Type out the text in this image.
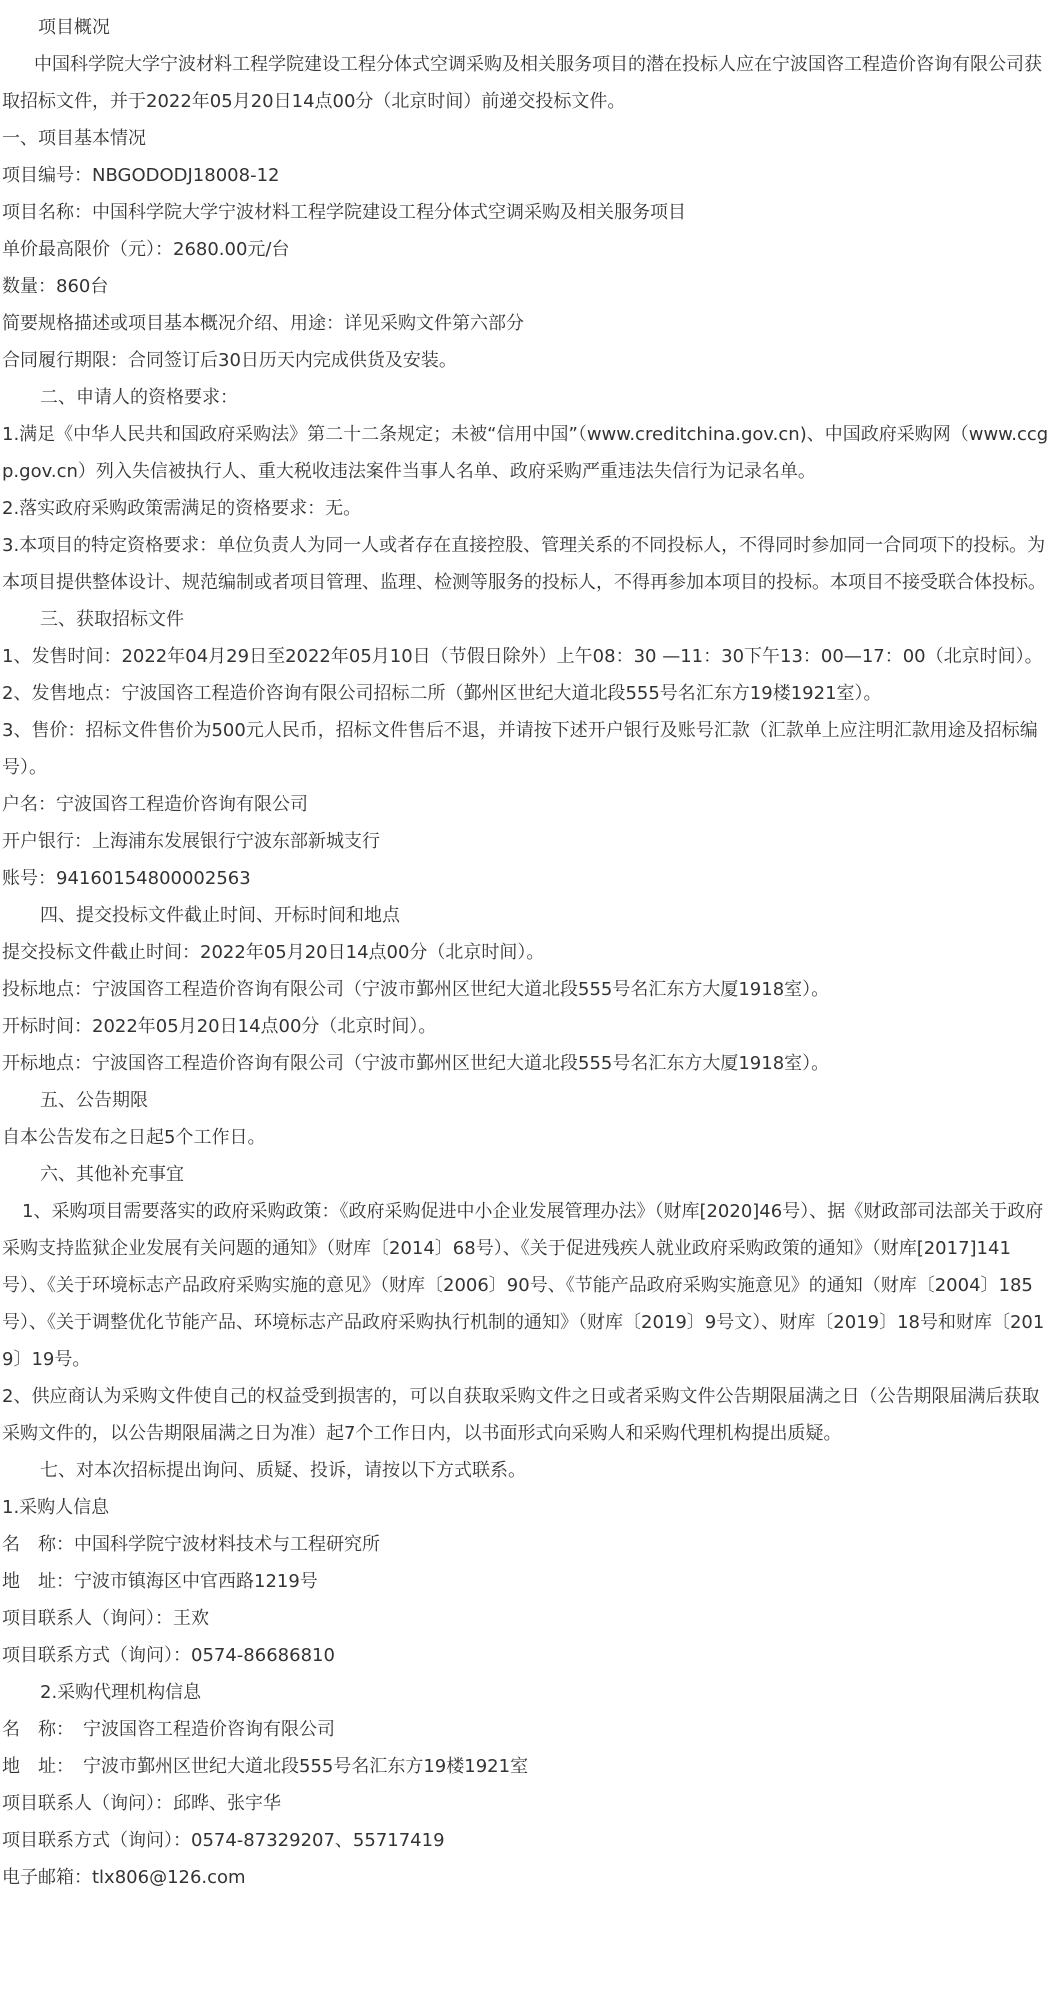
项目概况

中国科学院大学宁波材料工程学院建设工程分体式空调采购及相关服务项目的潜在投标人应在宁波国咨工程造价咨询有限公司获取招标文件，并于2022年05月20日14点00分（北京时间）前递交投标文件。

一、项目基本情况

项目编号：NBGODODJ18008-12

项目名称：中国科学院大学宁波材料工程学院建设工程分体式空调采购及相关服务项目

单价最高限价（元）：2680.00元/台

数量：860台

简要规格描述或项目基本概况介绍、用途：详见采购文件第六部分

合同履行期限：合同签订后30日历天内完成供货及安装。

二、申请人的资格要求：

1.满足《中华人民共和国政府采购法》第二十二条规定；未被“信用中国”（www.creditchina.gov.cn)、中国政府采购网（www.ccgp.gov.cn）列入失信被执行人、重大税收违法案件当事人名单、政府采购严重违法失信行为记录名单。

2.落实政府采购政策需满足的资格要求：无。

3.本项目的特定资格要求：单位负责人为同一人或者存在直接控股、管理关系的不同投标人，不得同时参加同一合同项下的投标。为本项目提供整体设计、规范编制或者项目管理、监理、检测等服务的投标人，不得再参加本项目的投标。本项目不接受联合体投标。

三、获取招标文件

1、发售时间：2022年04月29日至2022年05月10日（节假日除外）上午08：30 —11：30下午13：00—17：00（北京时间）。

2、发售地点：宁波国咨工程造价咨询有限公司招标二所（鄞州区世纪大道北段555号名汇东方19楼1921室）。

3、售价：招标文件售价为500元人民币，招标文件售后不退，并请按下述开户银行及账号汇款（汇款单上应注明汇款用途及招标编号）。

户名：宁波国咨工程造价咨询有限公司

开户银行：上海浦东发展银行宁波东部新城支行

账号：94160154800002563

四、提交投标文件截止时间、开标时间和地点

提交投标文件截止时间：2022年05月20日14点00分（北京时间）。

投标地点：宁波国咨工程造价咨询有限公司（宁波市鄞州区世纪大道北段555号名汇东方大厦1918室）。

开标时间：2022年05月20日14点00分（北京时间）。

开标地点：宁波国咨工程造价咨询有限公司（宁波市鄞州区世纪大道北段555号名汇东方大厦1918室）。

五、公告期限

自本公告发布之日起5个工作日。

六、其他补充事宜

1、采购项目需要落实的政府采购政策：《政府采购促进中小企业发展管理办法》（财库[2020]46号）、据《财政部司法部关于政府采购支持监狱企业发展有关问题的通知》（财库〔2014〕68号）、《关于促进残疾人就业政府采购政策的通知》（财库[2017]141号）、《关于环境标志产品政府采购实施的意见》（财库〔2006〕90号、《节能产品政府采购实施意见》的通知（财库〔2004〕185号）、《关于调整优化节能产品、环境标志产品政府采购执行机制的通知》（财库〔2019〕9号文）、财库〔2019〕18号和财库〔2019〕19号。

2、供应商认为采购文件使自己的权益受到损害的，可以自获取采购文件之日或者采购文件公告期限届满之日（公告期限届满后获取采购文件的，以公告期限届满之日为准）起7个工作日内，以书面形式向采购人和采购代理机构提出质疑。

七、对本次招标提出询问、质疑、投诉，请按以下方式联系。

1.采购人信息

名　称：中国科学院宁波材料技术与工程研究所

地　址：宁波市镇海区中官西路1219号

项目联系人（询问）：王欢

项目联系方式（询问）：0574-86686810

2.采购代理机构信息

名　称：　宁波国咨工程造价咨询有限公司

地　址：　宁波市鄞州区世纪大道北段555号名汇东方19楼1921室

项目联系人（询问）：邱晔、张宇华

项目联系方式（询问）：0574-87329207、55717419

电子邮箱：tlx806@126.com
